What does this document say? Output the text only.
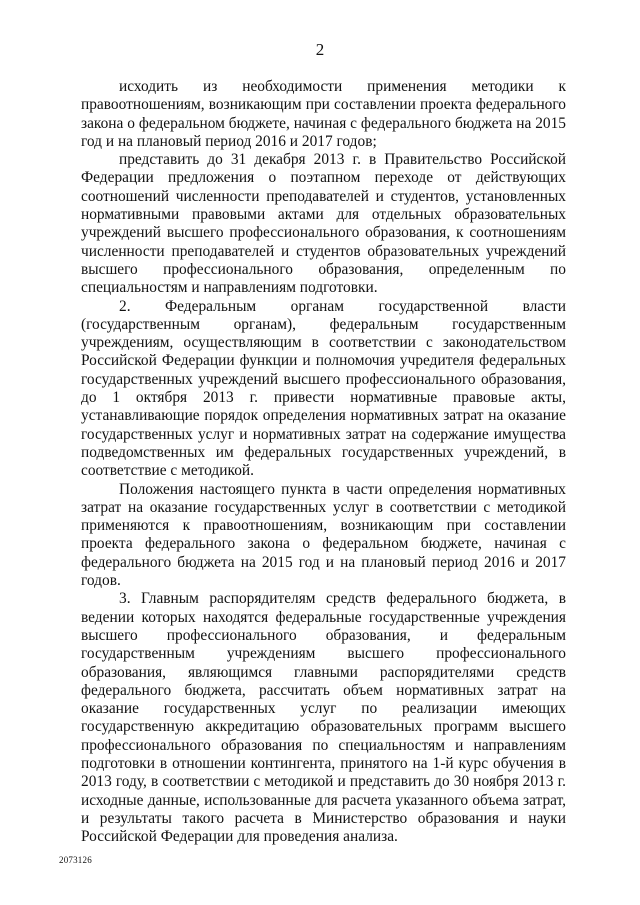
2

исходить из необходимости применения методики к правоотношениям, возникающим при составлении проекта федерального закона о федеральном бюджете, начиная с федерального бюджета на 2015 год и на плановый период 2016 и 2017 годов;

представить до 31 декабря 2013 г. в Правительство Российской Федерации предложения о поэтапном переходе от действующих соотношений численности преподавателей и студентов, установленных нормативными правовыми актами для отдельных образовательных учреждений высшего профессионального образования, к соотношениям численности преподавателей и студентов образовательных учреждений высшего профессионального образования, определенным по специальностям и направлениям подготовки.

2. Федеральным органам государственной власти (государственным органам), федеральным государственным учреждениям, осуществляющим в соответствии с законодательством Российской Федерации функции и полномочия учредителя федеральных государственных учреждений высшего профессионального образования, до 1 октября 2013 г. привести нормативные правовые акты, устанавливающие порядок определения нормативных затрат на оказание государственных услуг и нормативных затрат на содержание имущества подведомственных им федеральных государственных учреждений, в соответствие с методикой.

Положения настоящего пункта в части определения нормативных затрат на оказание государственных услуг в соответствии с методикой применяются к правоотношениям, возникающим при составлении проекта федерального закона о федеральном бюджете, начиная с федерального бюджета на 2015 год и на плановый период 2016 и 2017 годов.

3. Главным распорядителям средств федерального бюджета, в ведении которых находятся федеральные государственные учреждения высшего профессионального образования, и федеральным государственным учреждениям высшего профессионального образования, являющимся главными распорядителями средств федерального бюджета, рассчитать объем нормативных затрат на оказание государственных услуг по реализации имеющих государственную аккредитацию образовательных программ высшего профессионального образования по специальностям и направлениям подготовки в отношении контингента, принятого на 1-й курс обучения в 2013 году, в соответствии с методикой и представить до 30 ноября 2013 г. исходные данные, использованные для расчета указанного объема затрат, и результаты такого расчета в Министерство образования и науки Российской Федерации для проведения анализа.

2073126
